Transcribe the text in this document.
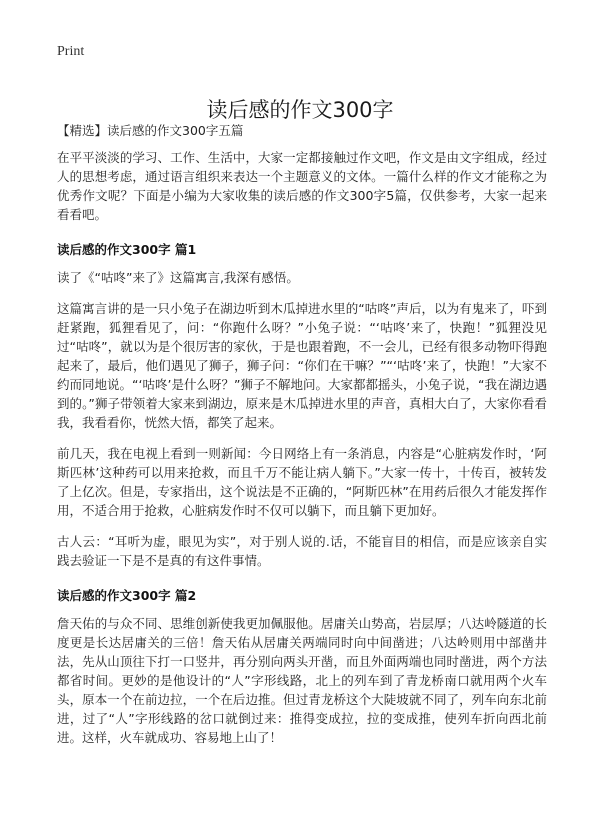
Print
读后感的作文300字
【精选】读后感的作文300字五篇

在平平淡淡的学习、工作、生活中，大家一定都接触过作文吧，作文是由文字组成，经过人的思想考虑，通过语言组织来表达一个主题意义的文体。一篇什么样的作文才能称之为优秀作文呢？下面是小编为大家收集的读后感的作文300字5篇，仅供参考，大家一起来看看吧。

读后感的作文300字 篇1

读了《“咕咚”来了》这篇寓言,我深有感悟。

这篇寓言讲的是一只小兔子在湖边听到木瓜掉进水里的“咕咚”声后，以为有鬼来了，吓到赶紧跑，狐狸看见了，问：“你跑什么呀？”小兔子说：“‘咕咚’来了，快跑！”狐狸没见过“咕咚”，就以为是个很厉害的家伙，于是也跟着跑，不一会儿，已经有很多动物吓得跑起来了，最后，他们遇见了狮子，狮子问：“你们在干嘛？”“‘咕咚’来了，快跑！”大家不约而同地说。“‘咕咚’是什么呀？”狮子不解地问。大家都都摇头，小兔子说，“我在湖边遇到的。”狮子带领着大家来到湖边，原来是木瓜掉进水里的声音，真相大白了，大家你看看我，我看看你，恍然大悟，都笑了起来。

前几天，我在电视上看到一则新闻：今日网络上有一条消息，内容是“心脏病发作时，‘阿斯匹林’这种药可以用来抢救，而且千万不能让病人躺下。”大家一传十，十传百，被转发了上亿次。但是，专家指出，这个说法是不正确的，“阿斯匹林”在用药后很久才能发挥作用，不适合用于抢救，心脏病发作时不仅可以躺下，而且躺下更加好。

古人云：“耳听为虚，眼见为实”，对于别人说的.话，不能盲目的相信，而是应该亲自实践去验证一下是不是真的有这件事情。

读后感的作文300字 篇2

詹天佑的与众不同、思维创新使我更加佩服他。居庸关山势高，岩层厚；八达岭隧道的长度更是长达居庸关的三倍！詹天佑从居庸关两端同时向中间凿进；八达岭则用中部凿井法，先从山顶往下打一口竖井，再分别向两头开凿，而且外面两端也同时凿进，两个方法都省时间。更妙的是他设计的“人”字形线路，北上的列车到了青龙桥南口就用两个火车头，原本一个在前边拉，一个在后边推。但过青龙桥这个大陡坡就不同了，列车向东北前进，过了“人”字形线路的岔口就倒过来：推得变成拉，拉的变成推，使列车折向西北前进。这样，火车就成功、容易地上山了！
